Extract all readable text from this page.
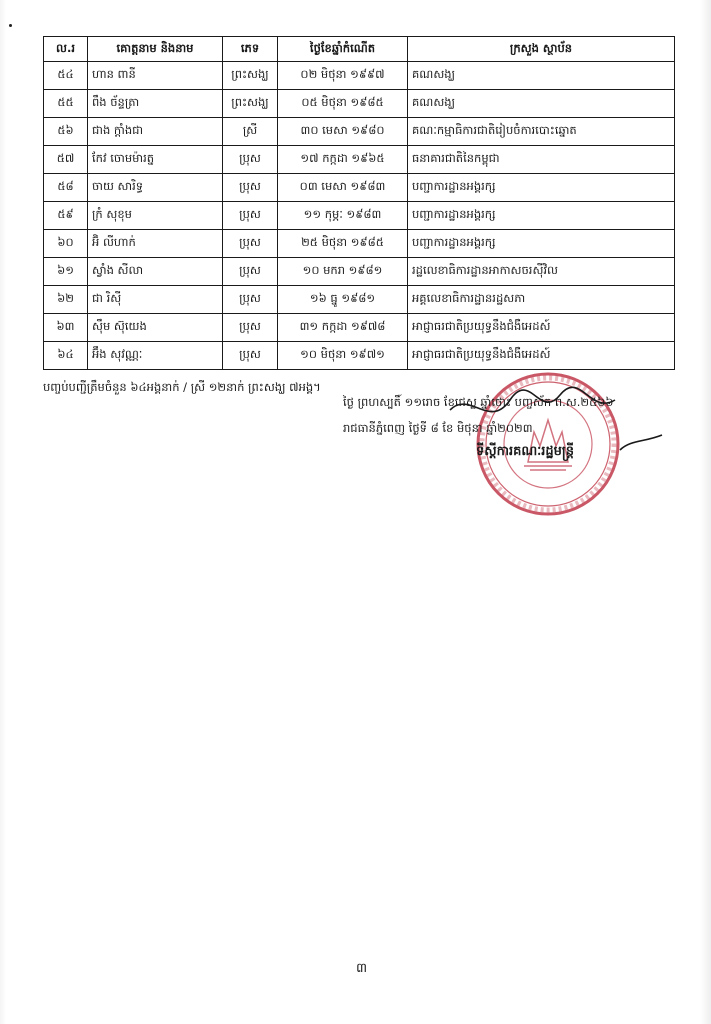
ល.រ	គោត្តនាម និងនាម	ភេទ	ថ្ងៃខែឆ្នាំកំណើត	ក្រសួង ស្ថាប័ន
៥៤	ហាន ពានី	ព្រះសង្ឃ	០២ មិថុនា ១៩៩៧	គណសង្ឃ
៥៥	ពឹង ច័ន្ទត្រា	ព្រះសង្ឃ	០៥ មិថុនា ១៩៨៥	គណសង្ឃ
៥៦	ជាង ក្ដាំងជា	ស្រី	៣០ មេសា ១៩៨០	គណៈកម្មាធិការជាតិរៀបចំការបោះឆ្នោត
៥៧	កែវ ចោមម៉ារត្ន	ប្រុស	១៧ កក្កដា ១៩៦៥	ធនាគារជាតិនៃកម្ពុជា
៥៨	ចាយ សារិទ្ធ	ប្រុស	០៣ មេសា ១៩៨៣	បញ្ជាការដ្ឋានអង្គរក្ស
៥៩	ក្រំ សុខុម	ប្រុស	១១ កុម្ភៈ ១៩៨៣	បញ្ជាការដ្ឋានអង្គរក្ស
៦០	អ៊ិ លីហាក់	ប្រុស	២៥ មិថុនា ១៩៨៥	បញ្ជាការដ្ឋានអង្គរក្ស
៦១	ស្វាំង សីលា	ប្រុស	១០ មករា ១៩៨១	រដ្ឋលេខាធិការដ្ឋានអាកាសចរស៊ីវិល
៦២	ជា រិស៊ី	ប្រុស	១៦ ធ្នូ ១៩៨១	អគ្គលេខាធិការដ្ឋានរដ្ឋសភា
៦៣	ស៊ឹម ស៊ុយេង	ប្រុស	៣១ កក្កដា ១៩៧៨	អាជ្ញាធរជាតិប្រយុទ្ធនឹងជំងឺអេដស៍
៦៤	អ៊ឹង សុវណ្ណៈ	ប្រុស	១០ មិថុនា ១៩៧១	អាជ្ញាធរជាតិប្រយុទ្ធនឹងជំងឺអេដស៍
បញ្ចប់បញ្ជីត្រឹមចំនួន ៦៤អង្គនាក់ / ស្រី ១២នាក់ ព្រះសង្ឃ ៧អង្គ។
ថ្ងៃ ព្រហស្បតិ៍ ១១រោច ខែជេស្ឋ ឆ្នាំថោះ បញ្ចស័ក ព.ស.២៥៦៦
រាជធានីភ្នំពេញ ថ្ងៃទី ៨ ខែ មិថុនា ឆ្នាំ២០២៣
ទីស្តីការគណៈរដ្ឋមន្ត្រី
៣
